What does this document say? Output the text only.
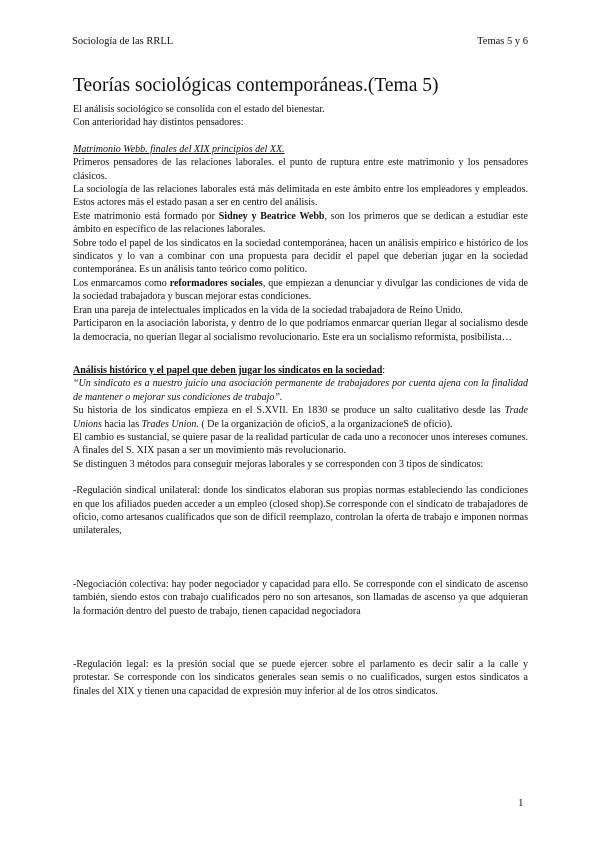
Sociología de las RRLL	Temas 5 y 6
Teorías sociológicas contemporáneas.(Tema 5)

El análisis sociológico se consolida con el estado del bienestar.

Con anterioridad hay distintos pensadores:

Matrimonio Webb. finales del XIX principios del XX.

Primeros pensadores de las relaciones laborales. el punto de ruptura entre este matrimonio y los pensadores clásicos.

La sociología de las relaciones laborales está más delimitada en este ámbito entre los empleadores y empleados. Estos actores más el estado pasan a ser en centro del análisis.

Este matrimonio está formado por Sidney y Beatrice Webb, son los primeros que se dedican a estudiar este ámbito en específico de las relaciones laborales.

Sobre todo el papel de los sindicatos en la sociedad contemporánea, hacen un análisis empírico e histórico de los sindicatos y lo van a combinar con una propuesta para decidir el papel que deberían jugar en la sociedad contemporánea. Es un análisis tanto teórico como político.

Los enmarcamos como reformadores sociales, que empiezan a denunciar y divulgar las condiciones de vida de la sociedad trabajadora y buscan mejorar estas condiciones.

Eran una pareja de intelectuales implicados en la vida de la sociedad trabajadora de Reino Unido.

Participaron en la asociación laborista, y dentro de lo que podríamos enmarcar querían llegar al socialismo desde la democracia, no querían llegar al socialismo revolucionario. Este era un socialismo reformista, posibilista…

Análisis histórico y el papel que deben jugar los sindicatos en la sociedad:

“Un sindicato es a nuestro juicio una asociación permanente de trabajadores por cuenta ajena con la finalidad de mantener o mejorar sus condiciones de trabajo”.

Su historia de los sindicatos empieza en el S.XVII. En 1830 se produce un salto cualitativo desde las Trade Unions hacia las Trades Union. ( De la organización de oficioS, a la organizacioneS de oficio).

El cambio es sustancial, se quiere pasar de la realidad particular de cada uno a reconocer unos intereses comunes. A finales del S. XIX pasan a ser un movimiento más revolucionario.

Se distinguen 3 métodos para conseguir mejoras laborales y se corresponden con 3 tipos de sindicatos:

-Regulación sindical unilateral: donde los sindicatos elaboran sus propias normas estableciendo las condiciones en que los afiliados pueden acceder a un empleo (closed shop).Se corresponde con el sindicato de trabajadores de oficio, como artesanos cualificados que son de difícil reemplazo, controlan la oferta de trabajo e imponen normas unilaterales,

-Negociación colectiva: hay poder negociador y capacidad para ello. Se corresponde con el sindicato de ascenso también, siendo estos con trabajo cualificados pero no son artesanos, son llamadas de ascenso ya que adquieran la formación dentro del puesto de trabajo, tienen capacidad negociadora

-Regulación legal: es la presión social que se puede ejercer sobre el parlamento es decir salir a la calle y protestar. Se corresponde con los sindicatos generales sean semis o no cualificados, surgen estos sindicatos a finales del XIX y tienen una capacidad de expresión muy inferior al de los otros sindicatos.

1
